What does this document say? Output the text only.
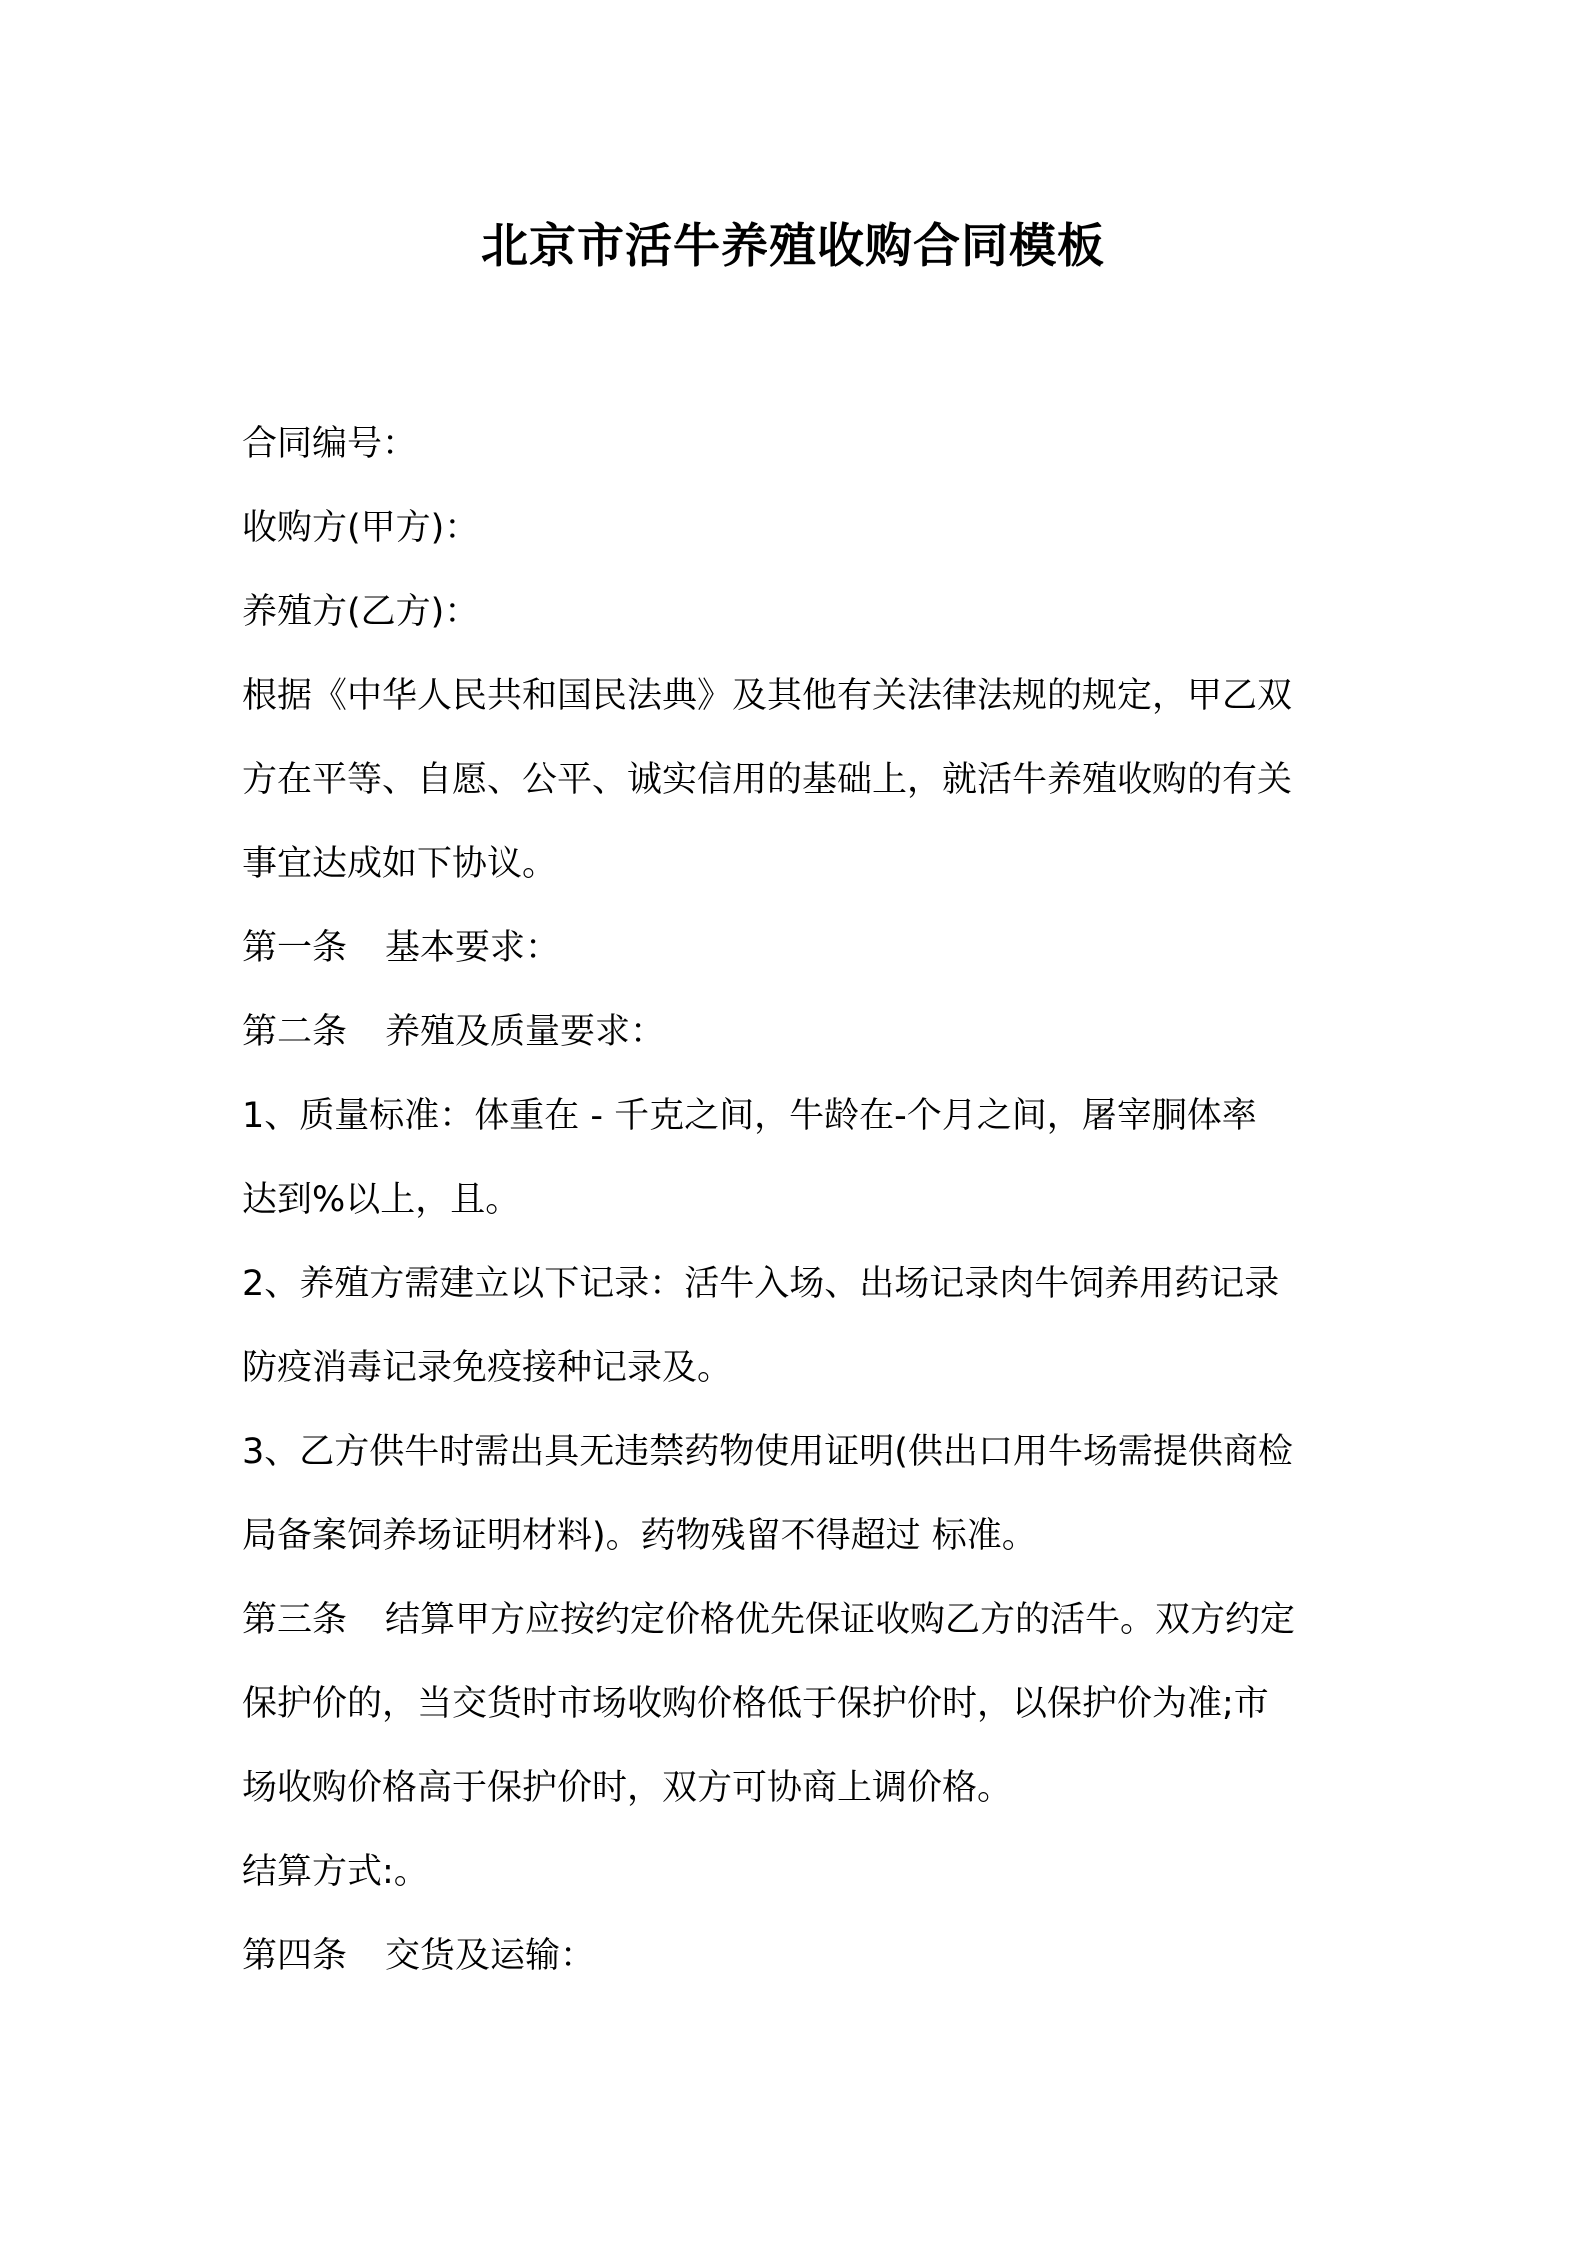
北京市活牛养殖收购合同模板

合同编号：

收购方(甲方)：

养殖方(乙方)：

根据《中华人民共和国民法典》及其他有关法律法规的规定，甲乙双

方在平等、自愿、公平、诚实信用的基础上，就活牛养殖收购的有关

事宜达成如下协议。

第一条 基本要求：

第二条 养殖及质量要求：

1、质量标准：体重在 - 千克之间，牛龄在-个月之间，屠宰胴体率

达到%以上，且。

2、养殖方需建立以下记录：活牛入场、出场记录肉牛饲养用药记录

防疫消毒记录免疫接种记录及。

3、乙方供牛时需出具无违禁药物使用证明(供出口用牛场需提供商检

局备案饲养场证明材料)。药物残留不得超过 标准。

第三条 结算甲方应按约定价格优先保证收购乙方的活牛。双方约定

保护价的，当交货时市场收购价格低于保护价时，以保护价为准;市

场收购价格高于保护价时，双方可协商上调价格。

结算方式:。

第四条 交货及运输：
